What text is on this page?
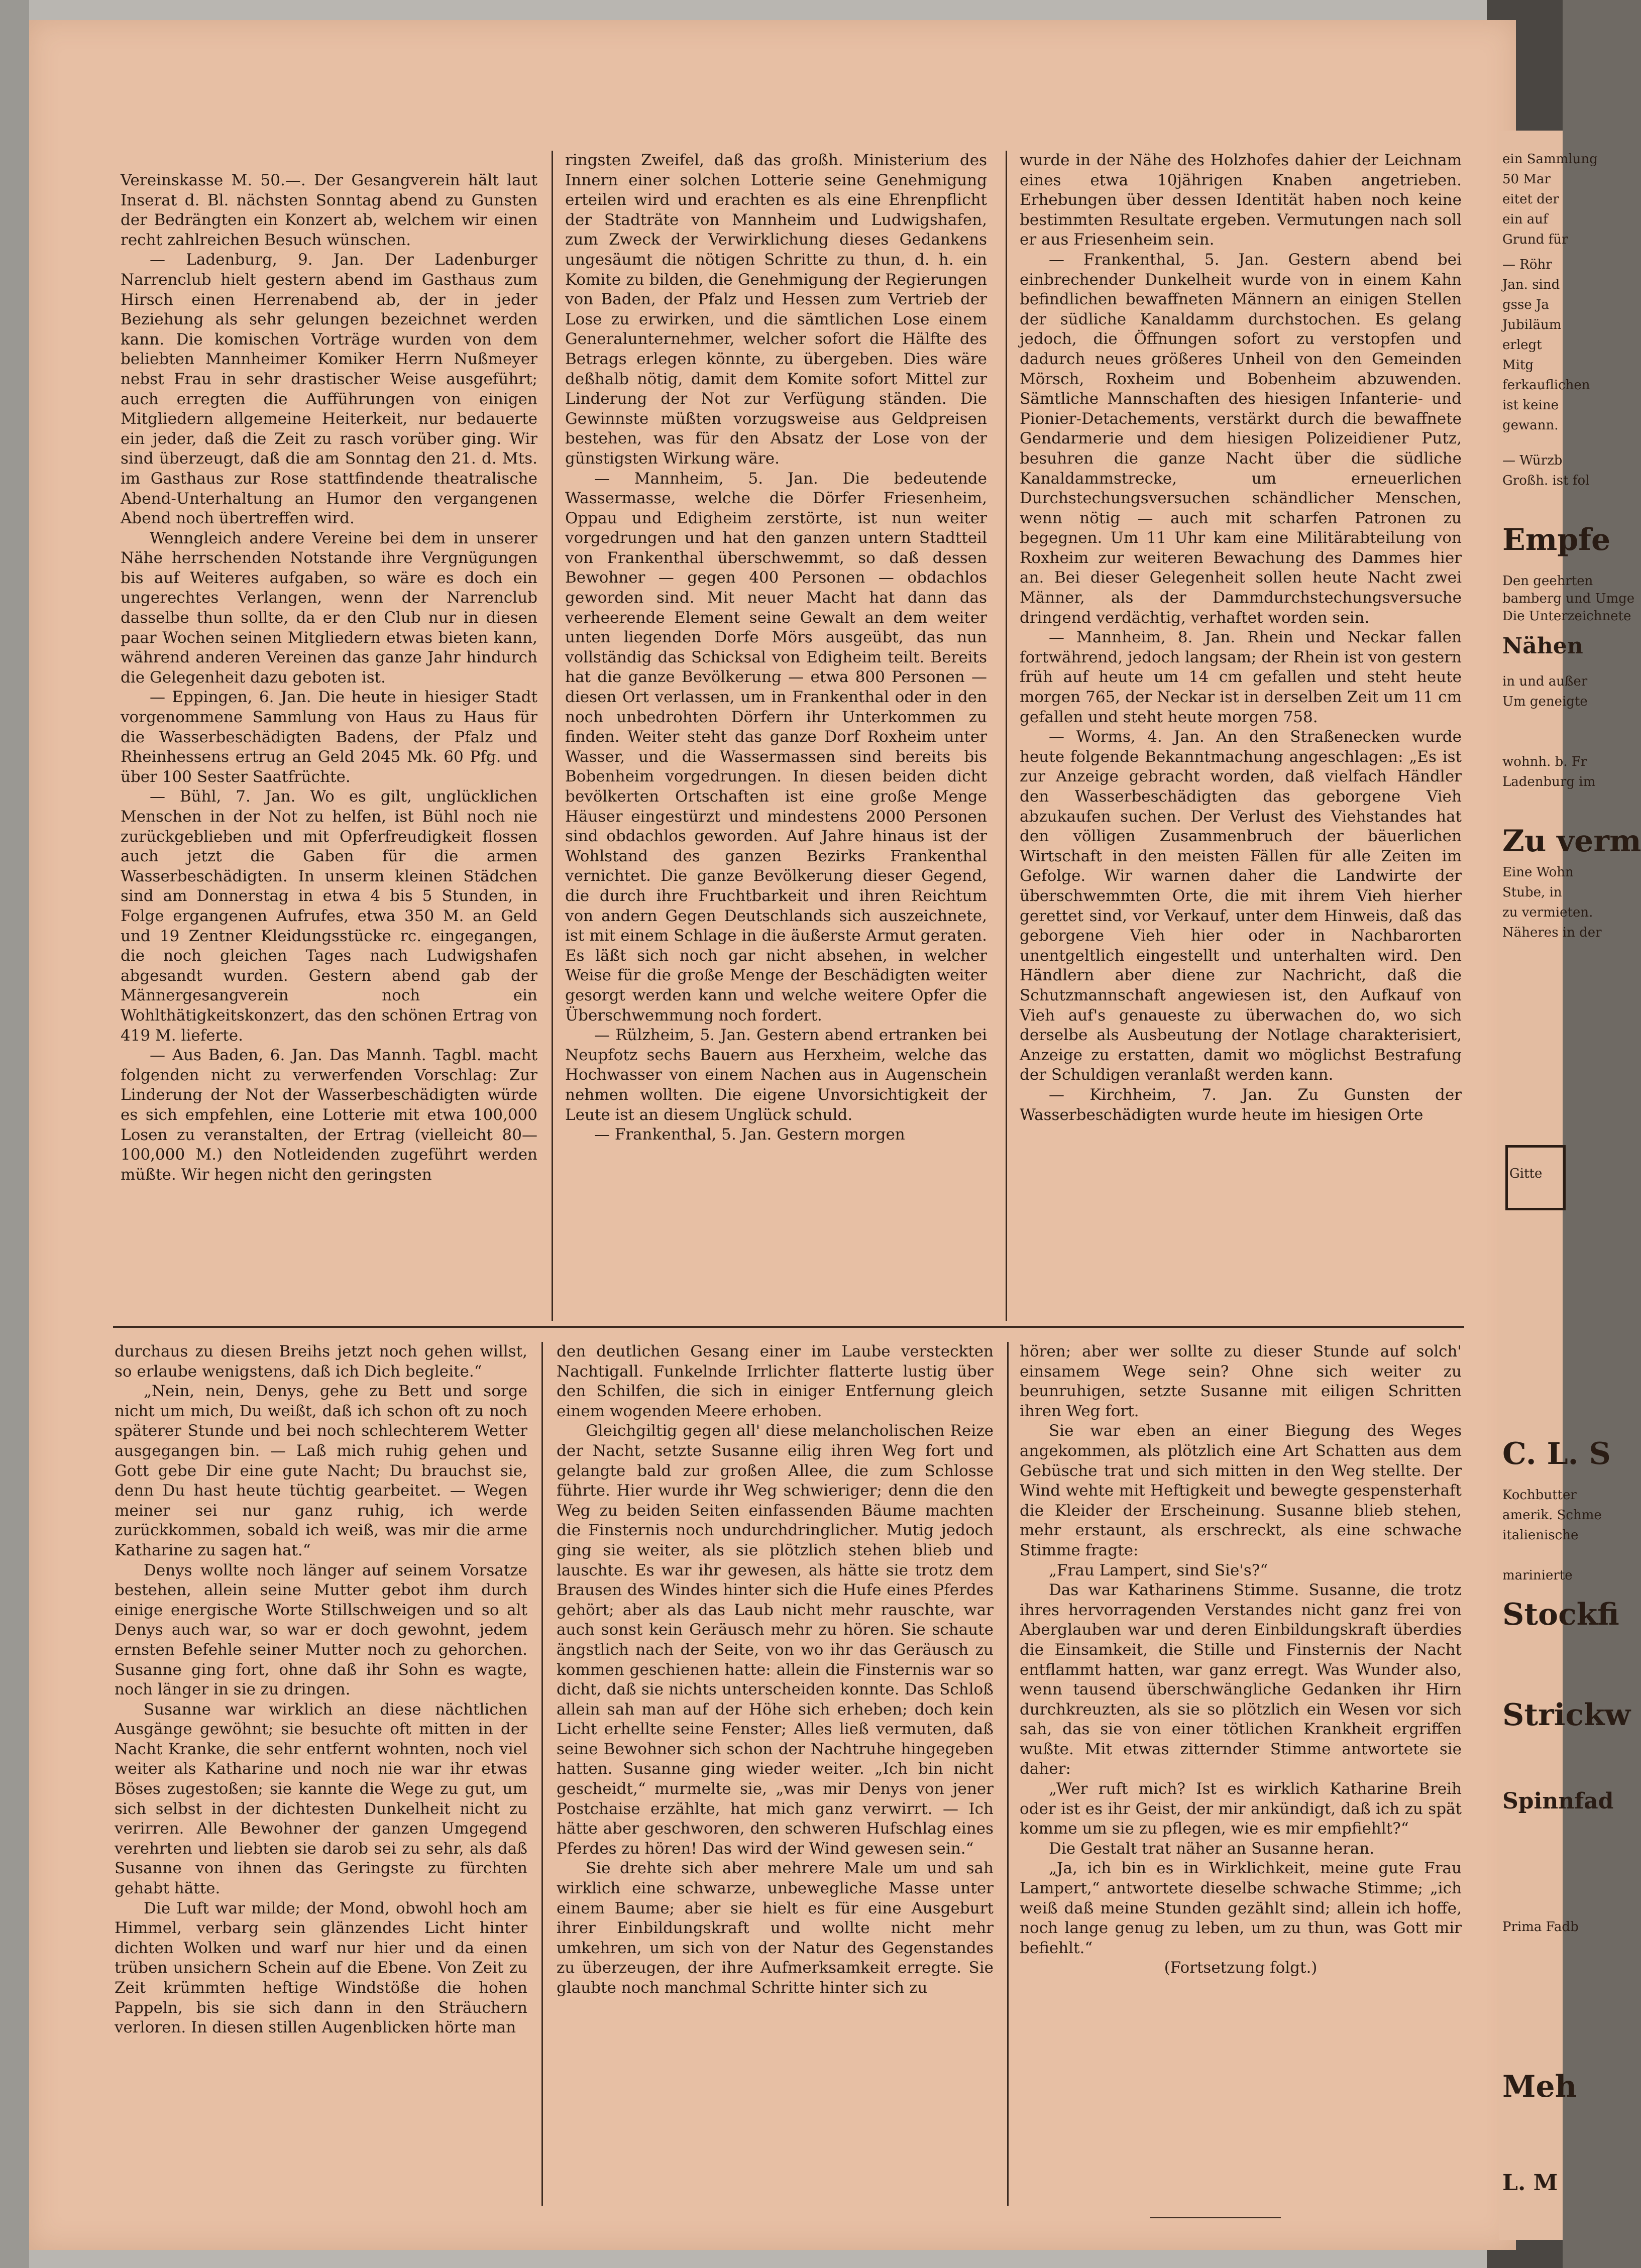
ein Sammlung
50 Mar
eitet der
ein auf
Grund für
— Röhr
Jan. sind
gsse Ja
Jubiläum
erlegt
Mitg
ferkauflichen
ist keine
gewann.
— Würzb
Großh. ist fol
Empfe
Den geehrten
bamberg und Umge
Die Unterzeichnete
Nähen
in und außer
Um geneigte
wohnh. b. Fr
Ladenburg im
Zu verm
Eine Wohn
Stube, in
zu vermieten.
Näheres in der
Gitte
C. L. S
Kochbutter
amerik. Schme
italienische
marinierte
Stockfi
Strickw
Spinnfad
Prima Fadb
Meh
L. M

Vereinskasse M. 50.—. Der Gesangverein hält laut Inserat d. Bl. nächsten Sonntag abend zu Gunsten der Bedrängten ein Konzert ab, welchem wir einen recht zahlreichen Besuch wünschen.

— Ladenburg, 9. Jan. Der Ladenburger Narrenclub hielt gestern abend im Gasthaus zum Hirsch einen Herrenabend ab, der in jeder Beziehung als sehr gelungen bezeichnet werden kann. Die komischen Vorträge wurden von dem beliebten Mannheimer Komiker Herrn Nußmeyer nebst Frau in sehr drastischer Weise ausgeführt; auch erregten die Aufführungen von einigen Mitgliedern allgemeine Heiterkeit, nur bedauerte ein jeder, daß die Zeit zu rasch vorüber ging. Wir sind überzeugt, daß die am Sonntag den 21. d. Mts. im Gasthaus zur Rose stattfindende theatralische Abend-Unterhaltung an Humor den vergangenen Abend noch übertreffen wird.

Wenngleich andere Vereine bei dem in unserer Nähe herrschenden Notstande ihre Vergnügungen bis auf Weiteres aufgaben, so wäre es doch ein ungerechtes Verlangen, wenn der Narrenclub dasselbe thun sollte, da er den Club nur in diesen paar Wochen seinen Mitgliedern etwas bieten kann, während anderen Vereinen das ganze Jahr hindurch die Gelegenheit dazu geboten ist.

— Eppingen, 6. Jan. Die heute in hiesiger Stadt vorgenommene Sammlung von Haus zu Haus für die Wasserbeschädigten Badens, der Pfalz und Rheinhessens ertrug an Geld 2045 Mk. 60 Pfg. und über 100 Sester Saatfrüchte.

— Bühl, 7. Jan. Wo es gilt, unglücklichen Menschen in der Not zu helfen, ist Bühl noch nie zurückgeblieben und mit Opferfreudigkeit flossen auch jetzt die Gaben für die armen Wasserbeschädigten. In unserm kleinen Städchen sind am Donnerstag in etwa 4 bis 5 Stunden, in Folge ergangenen Aufrufes, etwa 350 M. an Geld und 19 Zentner Kleidungsstücke rc. eingegangen, die noch gleichen Tages nach Ludwigshafen abgesandt wurden. Gestern abend gab der Männergesangverein noch ein Wohlthätigkeitskonzert, das den schönen Ertrag von 419 M. lieferte.

— Aus Baden, 6. Jan. Das Mannh. Tagbl. macht folgenden nicht zu verwerfenden Vorschlag: Zur Linderung der Not der Wasserbeschädigten würde es sich empfehlen, eine Lotterie mit etwa 100,000 Losen zu veranstalten, der Ertrag (vielleicht 80—100,000 M.) den Notleidenden zugeführt werden müßte. Wir hegen nicht den geringsten

ringsten Zweifel, daß das großh. Ministerium des Innern einer solchen Lotterie seine Genehmigung erteilen wird und erachten es als eine Ehrenpflicht der Stadträte von Mannheim und Ludwigshafen, zum Zweck der Verwirklichung dieses Gedankens ungesäumt die nötigen Schritte zu thun, d. h. ein Komite zu bilden, die Genehmigung der Regierungen von Baden, der Pfalz und Hessen zum Vertrieb der Lose zu erwirken, und die sämtlichen Lose einem Generalunternehmer, welcher sofort die Hälfte des Betrags erlegen könnte, zu übergeben. Dies wäre deßhalb nötig, damit dem Komite sofort Mittel zur Linderung der Not zur Verfügung ständen. Die Gewinnste müßten vorzugsweise aus Geldpreisen bestehen, was für den Absatz der Lose von der günstigsten Wirkung wäre.

— Mannheim, 5. Jan. Die bedeutende Wassermasse, welche die Dörfer Friesenheim, Oppau und Edigheim zerstörte, ist nun weiter vorgedrungen und hat den ganzen untern Stadtteil von Frankenthal überschwemmt, so daß dessen Bewohner — gegen 400 Personen — obdachlos geworden sind. Mit neuer Macht hat dann das verheerende Element seine Gewalt an dem weiter unten liegenden Dorfe Mörs ausgeübt, das nun vollständig das Schicksal von Edigheim teilt. Bereits hat die ganze Bevölkerung — etwa 800 Personen — diesen Ort verlassen, um in Frankenthal oder in den noch unbedrohten Dörfern ihr Unterkommen zu finden. Weiter steht das ganze Dorf Roxheim unter Wasser, und die Wassermassen sind bereits bis Bobenheim vorgedrungen. In diesen beiden dicht bevölkerten Ortschaften ist eine große Menge Häuser eingestürzt und mindestens 2000 Personen sind obdachlos geworden. Auf Jahre hinaus ist der Wohlstand des ganzen Bezirks Frankenthal vernichtet. Die ganze Bevölkerung dieser Gegend, die durch ihre Fruchtbarkeit und ihren Reichtum von andern Gegen Deutschlands sich auszeichnete, ist mit einem Schlage in die äußerste Armut geraten. Es läßt sich noch gar nicht absehen, in welcher Weise für die große Menge der Beschädigten weiter gesorgt werden kann und welche weitere Opfer die Überschwemmung noch fordert.

— Rülzheim, 5. Jan. Gestern abend ertranken bei Neupfotz sechs Bauern aus Herxheim, welche das Hochwasser von einem Nachen aus in Augenschein nehmen wollten. Die eigene Unvorsichtigkeit der Leute ist an diesem Unglück schuld.

— Frankenthal, 5. Jan. Gestern morgen

wurde in der Nähe des Holzhofes dahier der Leichnam eines etwa 10jährigen Knaben angetrieben. Erhebungen über dessen Identität haben noch keine bestimmten Resultate ergeben. Vermutungen nach soll er aus Friesenheim sein.

— Frankenthal, 5. Jan. Gestern abend bei einbrechender Dunkelheit wurde von in einem Kahn befindlichen bewaffneten Männern an einigen Stellen der südliche Kanaldamm durchstochen. Es gelang jedoch, die Öffnungen sofort zu verstopfen und dadurch neues größeres Unheil von den Gemeinden Mörsch, Roxheim und Bobenheim abzuwenden. Sämtliche Mannschaften des hiesigen Infanterie- und Pionier-Detachements, verstärkt durch die bewaffnete Gendarmerie und dem hiesigen Polizeidiener Putz, besuhren die ganze Nacht über die südliche Kanaldammstrecke, um erneuerlichen Durchstechungsversuchen schändlicher Menschen, wenn nötig — auch mit scharfen Patronen zu begegnen. Um 11 Uhr kam eine Militärabteilung von Roxheim zur weiteren Bewachung des Dammes hier an. Bei dieser Gelegenheit sollen heute Nacht zwei Männer, als der Dammdurchstechungsversuche dringend verdächtig, verhaftet worden sein.

— Mannheim, 8. Jan. Rhein und Neckar fallen fortwährend, jedoch langsam; der Rhein ist von gestern früh auf heute um 14 cm gefallen und steht heute morgen 765, der Neckar ist in derselben Zeit um 11 cm gefallen und steht heute morgen 758.

— Worms, 4. Jan. An den Straßenecken wurde heute folgende Bekanntmachung angeschlagen: „Es ist zur Anzeige gebracht worden, daß vielfach Händler den Wasserbeschädigten das geborgene Vieh abzukaufen suchen. Der Verlust des Viehstandes hat den völligen Zusammenbruch der bäuerlichen Wirtschaft in den meisten Fällen für alle Zeiten im Gefolge. Wir warnen daher die Landwirte der überschwemmten Orte, die mit ihrem Vieh hierher gerettet sind, vor Verkauf, unter dem Hinweis, daß das geborgene Vieh hier oder in Nachbarorten unentgeltlich eingestellt und unterhalten wird. Den Händlern aber diene zur Nachricht, daß die Schutzmannschaft angewiesen ist, den Aufkauf von Vieh auf's genaueste zu überwachen do, wo sich derselbe als Ausbeutung der Notlage charakterisiert, Anzeige zu erstatten, damit wo möglichst Bestrafung der Schuldigen veranlaßt werden kann.

— Kirchheim, 7. Jan. Zu Gunsten der Wasserbeschädigten wurde heute im hiesigen Orte

durchaus zu diesen Breihs jetzt noch gehen willst, so erlaube wenigstens, daß ich Dich begleite.“

„Nein, nein, Denys, gehe zu Bett und sorge nicht um mich, Du weißt, daß ich schon oft zu noch späterer Stunde und bei noch schlechterem Wetter ausgegangen bin. — Laß mich ruhig gehen und Gott gebe Dir eine gute Nacht; Du brauchst sie, denn Du hast heute tüchtig gearbeitet. — Wegen meiner sei nur ganz ruhig, ich werde zurückkommen, sobald ich weiß, was mir die arme Katharine zu sagen hat.“

Denys wollte noch länger auf seinem Vorsatze bestehen, allein seine Mutter gebot ihm durch einige energische Worte Stillschweigen und so alt Denys auch war, so war er doch gewohnt, jedem ernsten Befehle seiner Mutter noch zu gehorchen. Susanne ging fort, ohne daß ihr Sohn es wagte, noch länger in sie zu dringen.

Susanne war wirklich an diese nächtlichen Ausgänge gewöhnt; sie besuchte oft mitten in der Nacht Kranke, die sehr entfernt wohnten, noch viel weiter als Katharine und noch nie war ihr etwas Böses zugestoßen; sie kannte die Wege zu gut, um sich selbst in der dichtesten Dunkelheit nicht zu verirren. Alle Bewohner der ganzen Umgegend verehrten und liebten sie darob sei zu sehr, als daß Susanne von ihnen das Geringste zu fürchten gehabt hätte.

Die Luft war milde; der Mond, obwohl hoch am Himmel, verbarg sein glänzendes Licht hinter dichten Wolken und warf nur hier und da einen trüben unsichern Schein auf die Ebene. Von Zeit zu Zeit krümmten heftige Windstöße die hohen Pappeln, bis sie sich dann in den Sträuchern verloren. In diesen stillen Augenblicken hörte man

den deutlichen Gesang einer im Laube versteckten Nachtigall. Funkelnde Irrlichter flatterte lustig über den Schilfen, die sich in einiger Entfernung gleich einem wogenden Meere erhoben.

Gleichgiltig gegen all' diese melancholischen Reize der Nacht, setzte Susanne eilig ihren Weg fort und gelangte bald zur großen Allee, die zum Schlosse führte. Hier wurde ihr Weg schwieriger; denn die den Weg zu beiden Seiten einfassenden Bäume machten die Finsternis noch undurchdringlicher. Mutig jedoch ging sie weiter, als sie plötzlich stehen blieb und lauschte. Es war ihr gewesen, als hätte sie trotz dem Brausen des Windes hinter sich die Hufe eines Pferdes gehört; aber als das Laub nicht mehr rauschte, war auch sonst kein Geräusch mehr zu hören. Sie schaute ängstlich nach der Seite, von wo ihr das Geräusch zu kommen geschienen hatte: allein die Finsternis war so dicht, daß sie nichts unterscheiden konnte. Das Schloß allein sah man auf der Höhe sich erheben; doch kein Licht erhellte seine Fenster; Alles ließ vermuten, daß seine Bewohner sich schon der Nachtruhe hingegeben hatten. Susanne ging wieder weiter. „Ich bin nicht gescheidt,“ murmelte sie, „was mir Denys von jener Postchaise erzählte, hat mich ganz verwirrt. — Ich hätte aber geschworen, den schweren Hufschlag eines Pferdes zu hören! Das wird der Wind gewesen sein.“

Sie drehte sich aber mehrere Male um und sah wirklich eine schwarze, unbewegliche Masse unter einem Baume; aber sie hielt es für eine Ausgeburt ihrer Einbildungskraft und wollte nicht mehr umkehren, um sich von der Natur des Gegenstandes zu überzeugen, der ihre Aufmerksamkeit erregte. Sie glaubte noch manchmal Schritte hinter sich zu

hören; aber wer sollte zu dieser Stunde auf solch' einsamem Wege sein? Ohne sich weiter zu beunruhigen, setzte Susanne mit eiligen Schritten ihren Weg fort.

Sie war eben an einer Biegung des Weges angekommen, als plötzlich eine Art Schatten aus dem Gebüsche trat und sich mitten in den Weg stellte. Der Wind wehte mit Heftigkeit und bewegte gespensterhaft die Kleider der Erscheinung. Susanne blieb stehen, mehr erstaunt, als erschreckt, als eine schwache Stimme fragte:

„Frau Lampert, sind Sie's?“

Das war Katharinens Stimme. Susanne, die trotz ihres hervorragenden Verstandes nicht ganz frei von Aberglauben war und deren Einbildungskraft überdies die Einsamkeit, die Stille und Finsternis der Nacht entflammt hatten, war ganz erregt. Was Wunder also, wenn tausend überschwängliche Gedanken ihr Hirn durchkreuzten, als sie so plötzlich ein Wesen vor sich sah, das sie von einer tötlichen Krankheit ergriffen wußte. Mit etwas zitternder Stimme antwortete sie daher:

„Wer ruft mich? Ist es wirklich Katharine Breih oder ist es ihr Geist, der mir ankündigt, daß ich zu spät komme um sie zu pflegen, wie es mir empfiehlt?“

Die Gestalt trat näher an Susanne heran.

„Ja, ich bin es in Wirklichkeit, meine gute Frau Lampert,“ antwortete dieselbe schwache Stimme; „ich weiß daß meine Stunden gezählt sind; allein ich hoffe, noch lange genug zu leben, um zu thun, was Gott mir befiehlt.“

(Fortsetzung folgt.)
